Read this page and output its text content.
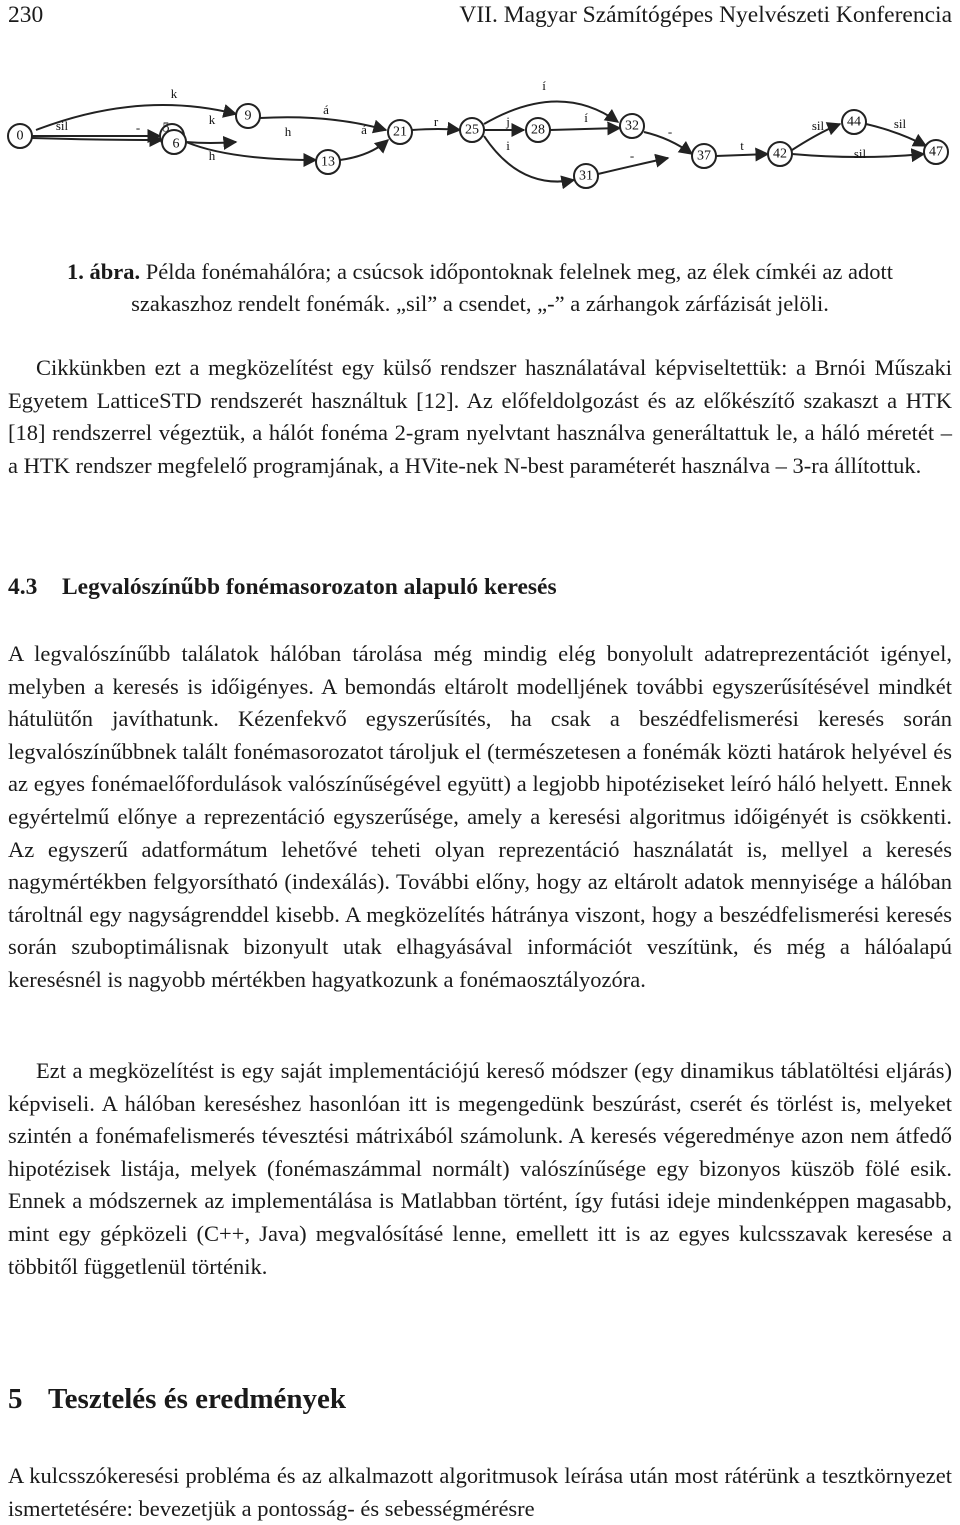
230	VII. Magyar Számítógépes Nyelvészeti Konferencia
0
5
6
9
13
21	25	28
31
32
37	42
44
47
sil	-
k
k
h
h
á
á
r	j
i
í
í
-
-
t
sil	sil
sil
1. ábra. Példa fonémahálóra; a csúcsok időpontoknak felelnek meg, az élek címkéi az adott szakaszhoz rendelt fonémák. „sil” a csendet, „-” a zárhangok zárfázisát jelöli.
Cikkünkben ezt a megközelítést egy külső rendszer használatával képviseltettük: a Brnói Műszaki Egyetem LatticeSTD rendszerét használtuk [12]. Az előfeldolgozást és az előkészítő szakaszt a HTK [18] rendszerrel végeztük, a hálót fonéma 2-gram nyelvtant használva generáltattuk le, a háló méretét – a HTK rendszer megfelelő programjának, a HVite-nek N-best paraméterét használva – 3-ra állítottuk.
4.3 Legvalószínűbb fonémasorozaton alapuló keresés
A legvalószínűbb találatok hálóban tárolása még mindig elég bonyolult adatreprezentációt igényel, melyben a keresés is időigényes. A bemondás eltárolt modelljének további egyszerűsítésével mindkét hátulütőn javíthatunk. Kézenfekvő egyszerűsítés, ha csak a beszédfelismerési keresés során legvalószínűbbnek talált fonémasorozatot tároljuk el (természetesen a fonémák közti határok helyével és az egyes fonémaelőfordulások valószínűségével együtt) a legjobb hipotéziseket leíró háló helyett. Ennek egyértelmű előnye a reprezentáció egyszerűsége, amely a keresési algoritmus időigényét is csökkenti. Az egyszerű adatformátum lehetővé teheti olyan reprezentáció használatát is, mellyel a keresés nagymértékben felgyorsítható (indexálás). További előny, hogy az eltárolt adatok mennyisége a hálóban tároltnál egy nagyságrenddel kisebb. A megközelítés hátránya viszont, hogy a beszédfelismerési keresés során szuboptimálisnak bizonyult utak elhagyásával információt veszítünk, és még a hálóalapú keresésnél is nagyobb mértékben hagyatkozunk a fonémaosztályozóra.
Ezt a megközelítést is egy saját implementációjú kereső módszer (egy dinamikus táblatöltési eljárás) képviseli. A hálóban kereséshez hasonlóan itt is megengedünk beszúrást, cserét és törlést is, melyeket szintén a fonémafelismerés tévesztési mátrixából számolunk. A keresés végeredménye azon nem átfedő hipotézisek listája, melyek (fonémaszámmal normált) valószínűsége egy bizonyos küszöb fölé esik. Ennek a módszernek az implementálása is Matlabban történt, így futási ideje mindenképpen magasabb, mint egy gépközeli (C++, Java) megvalósításé lenne, emellett itt is az egyes kulcsszavak keresése a többitől függetlenül történik.
5 Tesztelés és eredmények
A kulcsszókeresési probléma és az alkalmazott algoritmusok leírása után most rátérünk a tesztkörnyezet ismertetésére: bevezetjük a pontosság- és sebességmérésre
